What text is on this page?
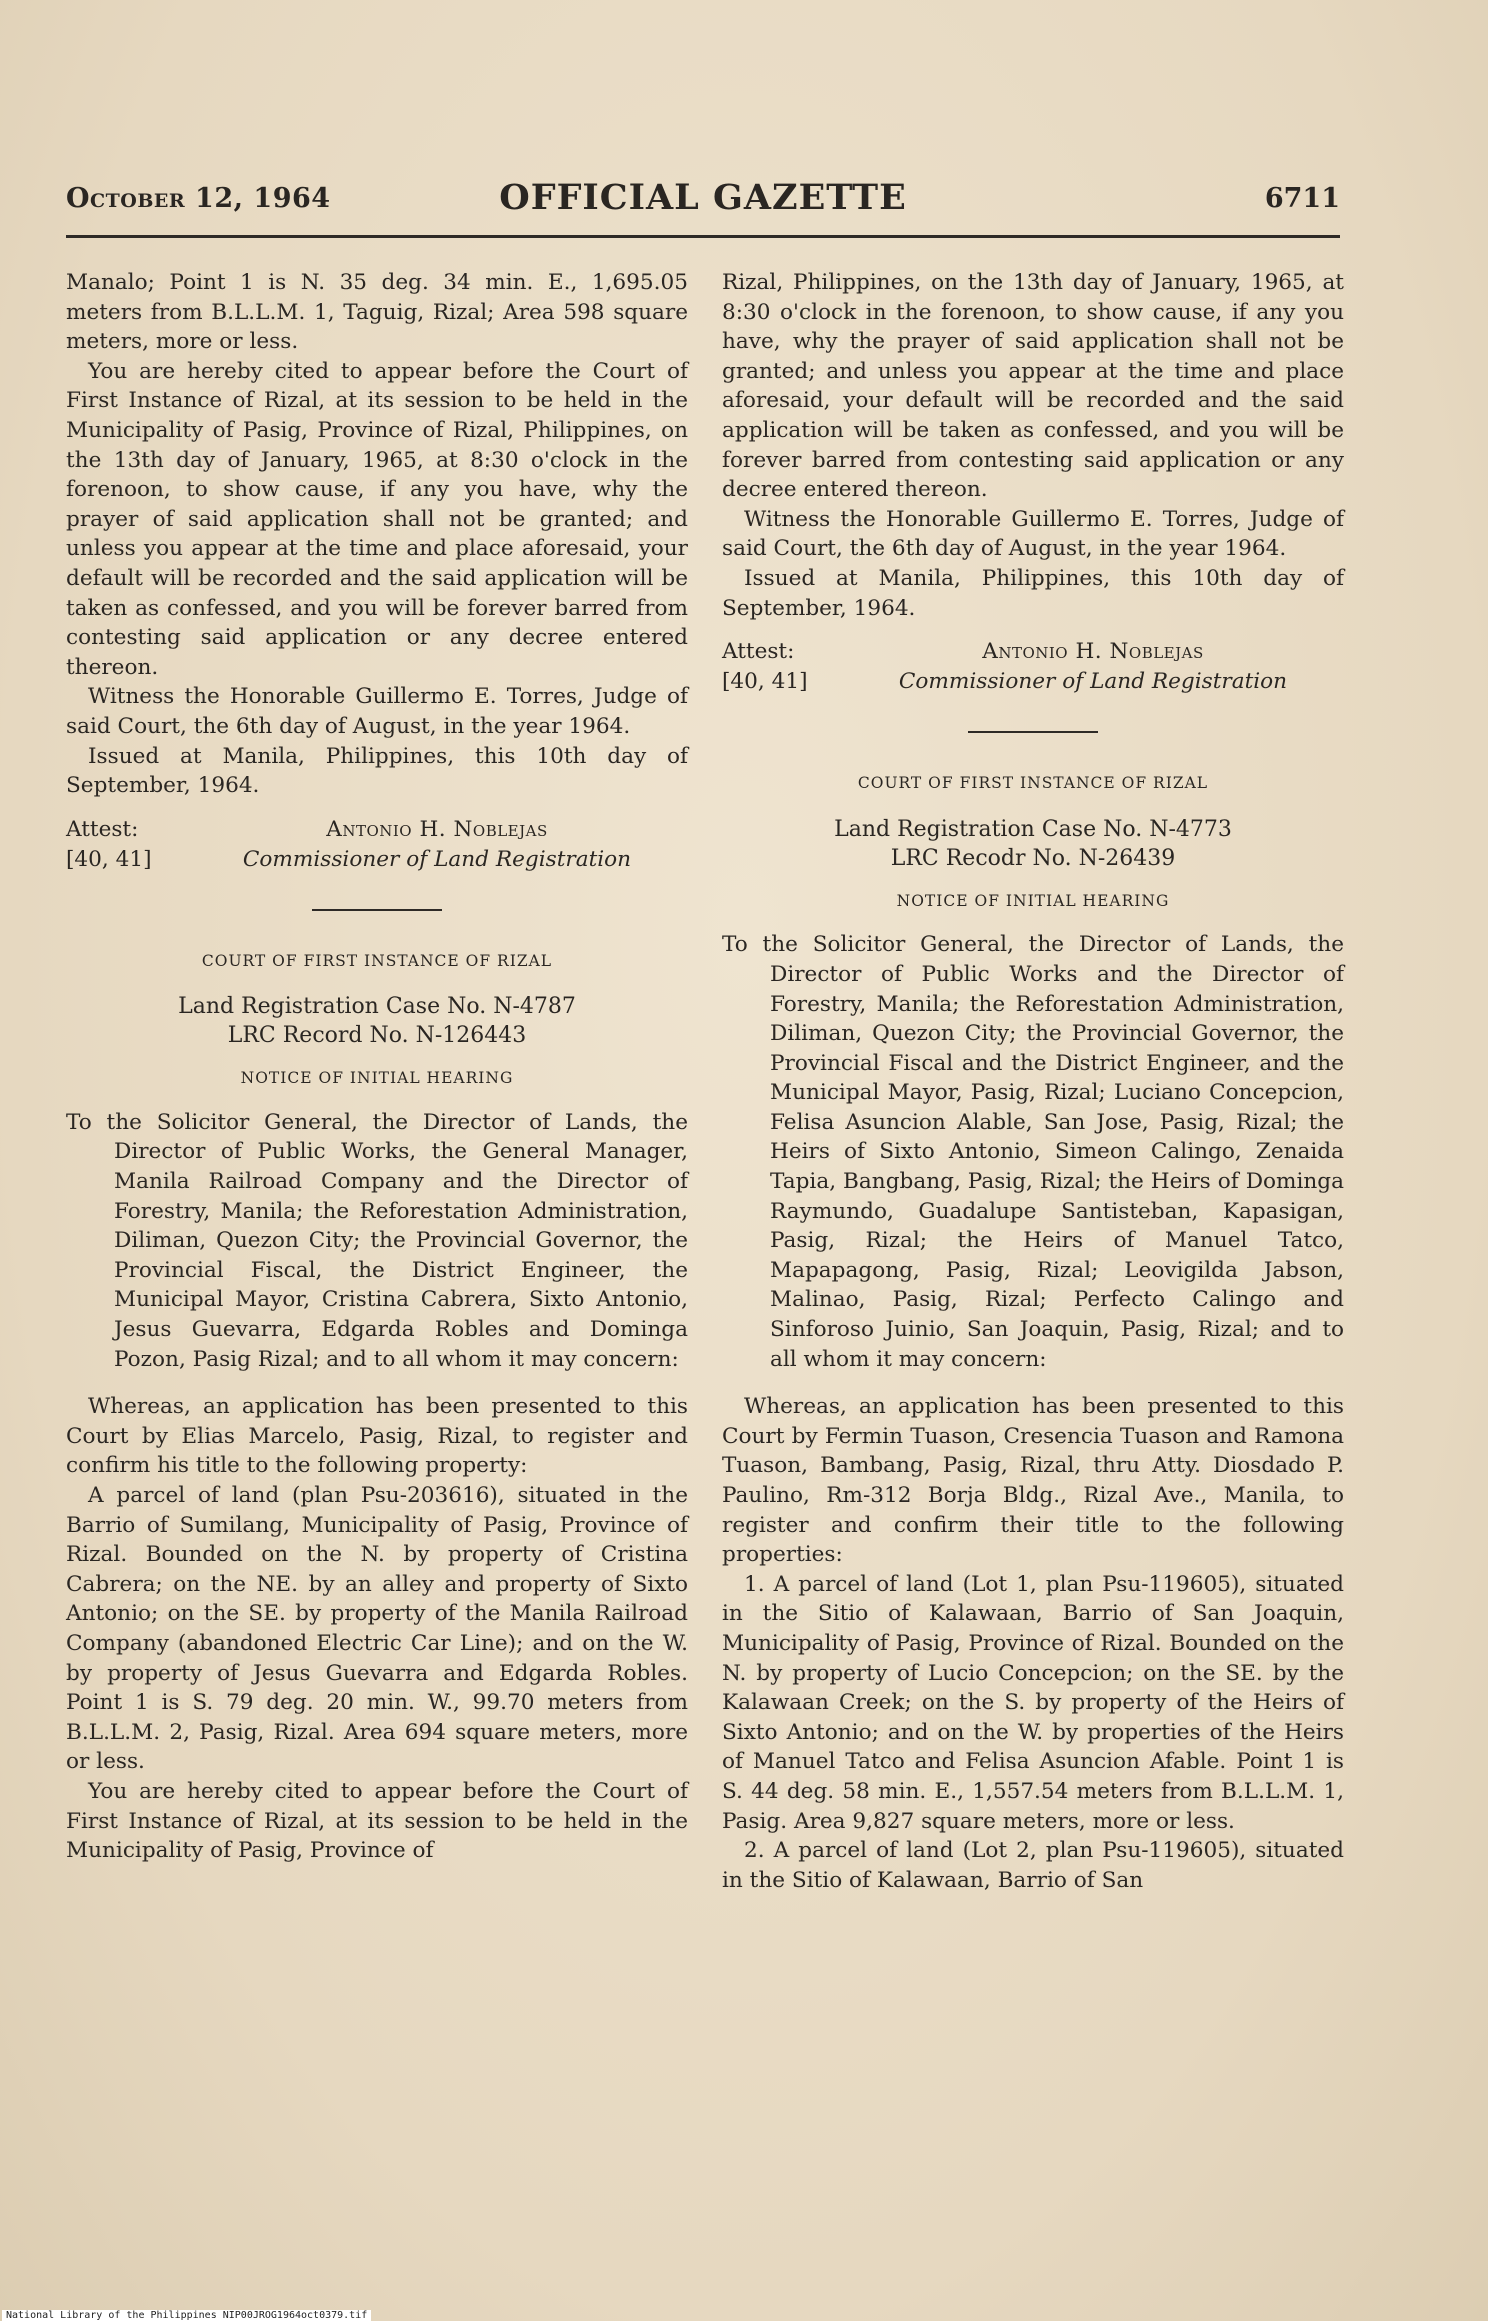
October 12, 1964	OFFICIAL GAZETTE	6711

Manalo; Point 1 is N. 35 deg. 34 min. E., 1,695.05 meters from B.L.L.M. 1, Taguig, Rizal; Area 598 square meters, more or less.

You are hereby cited to appear before the Court of First Instance of Rizal, at its session to be held in the Municipality of Pasig, Province of Rizal, Philippines, on the 13th day of January, 1965, at 8:30 o'clock in the forenoon, to show cause, if any you have, why the prayer of said application shall not be granted; and unless you appear at the time and place aforesaid, your default will be recorded and the said application will be taken as confessed, and you will be forever barred from contesting said application or any decree entered thereon.

Witness the Honorable Guillermo E. Torres, Judge of said Court, the 6th day of August, in the year 1964.

Issued at Manila, Philippines, this 10th day of September, 1964.

Attest:
[40, 41]
Antonio H. Noblejas
Commissioner of Land Registration
COURT OF FIRST INSTANCE OF RIZAL
Land Registration Case No. N-4787
LRC Record No. N-126443
NOTICE OF INITIAL HEARING
To the Solicitor General, the Director of Lands, the Director of Public Works, the General Manager, Manila Railroad Company and the Director of Forestry, Manila; the Reforestation Administration, Diliman, Quezon City; the Provincial Governor, the Provincial Fiscal, the District Engineer, the Municipal Mayor, Cristina Cabrera, Sixto Antonio, Jesus Guevarra, Edgarda Robles and Dominga Pozon, Pasig Rizal; and to all whom it may concern:

Whereas, an application has been presented to this Court by Elias Marcelo, Pasig, Rizal, to register and confirm his title to the following property:

A parcel of land (plan Psu-203616), situated in the Barrio of Sumilang, Municipality of Pasig, Province of Rizal. Bounded on the N. by property of Cristina Cabrera; on the NE. by an alley and property of Sixto Antonio; on the SE. by property of the Manila Railroad Company (abandoned Electric Car Line); and on the W. by property of Jesus Guevarra and Edgarda Robles. Point 1 is S. 79 deg. 20 min. W., 99.70 meters from B.L.L.M. 2, Pasig, Rizal. Area 694 square meters, more or less.

You are hereby cited to appear before the Court of First Instance of Rizal, at its session to be held in the Municipality of Pasig, Province of

Rizal, Philippines, on the 13th day of January, 1965, at 8:30 o'clock in the forenoon, to show cause, if any you have, why the prayer of said application shall not be granted; and unless you appear at the time and place aforesaid, your default will be recorded and the said application will be taken as confessed, and you will be forever barred from contesting said application or any decree entered thereon.

Witness the Honorable Guillermo E. Torres, Judge of said Court, the 6th day of August, in the year 1964.

Issued at Manila, Philippines, this 10th day of September, 1964.

Attest:
[40, 41]
Antonio H. Noblejas
Commissioner of Land Registration
COURT OF FIRST INSTANCE OF RIZAL
Land Registration Case No. N-4773
LRC Recodr No. N-26439
NOTICE OF INITIAL HEARING
To the Solicitor General, the Director of Lands, the Director of Public Works and the Director of Forestry, Manila; the Reforestation Administration, Diliman, Quezon City; the Provincial Governor, the Provincial Fiscal and the District Engineer, and the Municipal Mayor, Pasig, Rizal; Luciano Concepcion, Felisa Asuncion Alable, San Jose, Pasig, Rizal; the Heirs of Sixto Antonio, Simeon Calingo, Zenaida Tapia, Bangbang, Pasig, Rizal; the Heirs of Dominga Raymundo, Guadalupe Santisteban, Kapasigan, Pasig, Rizal; the Heirs of Manuel Tatco, Mapapagong, Pasig, Rizal; Leovigilda Jabson, Malinao, Pasig, Rizal; Perfecto Calingo and Sinforoso Juinio, San Joaquin, Pasig, Rizal; and to all whom it may concern:

Whereas, an application has been presented to this Court by Fermin Tuason, Cresencia Tuason and Ramona Tuason, Bambang, Pasig, Rizal, thru Atty. Diosdado P. Paulino, Rm-312 Borja Bldg., Rizal Ave., Manila, to register and confirm their title to the following properties:

1. A parcel of land (Lot 1, plan Psu-119605), situated in the Sitio of Kalawaan, Barrio of San Joaquin, Municipality of Pasig, Province of Rizal. Bounded on the N. by property of Lucio Concepcion; on the SE. by the Kalawaan Creek; on the S. by property of the Heirs of Sixto Antonio; and on the W. by properties of the Heirs of Manuel Tatco and Felisa Asuncion Afable. Point 1 is S. 44 deg. 58 min. E., 1,557.54 meters from B.L.L.M. 1, Pasig. Area 9,827 square meters, more or less.

2. A parcel of land (Lot 2, plan Psu-119605), situated in the Sitio of Kalawaan, Barrio of San

National Library of the Philippines NIP00JROG1964oct0379.tif
